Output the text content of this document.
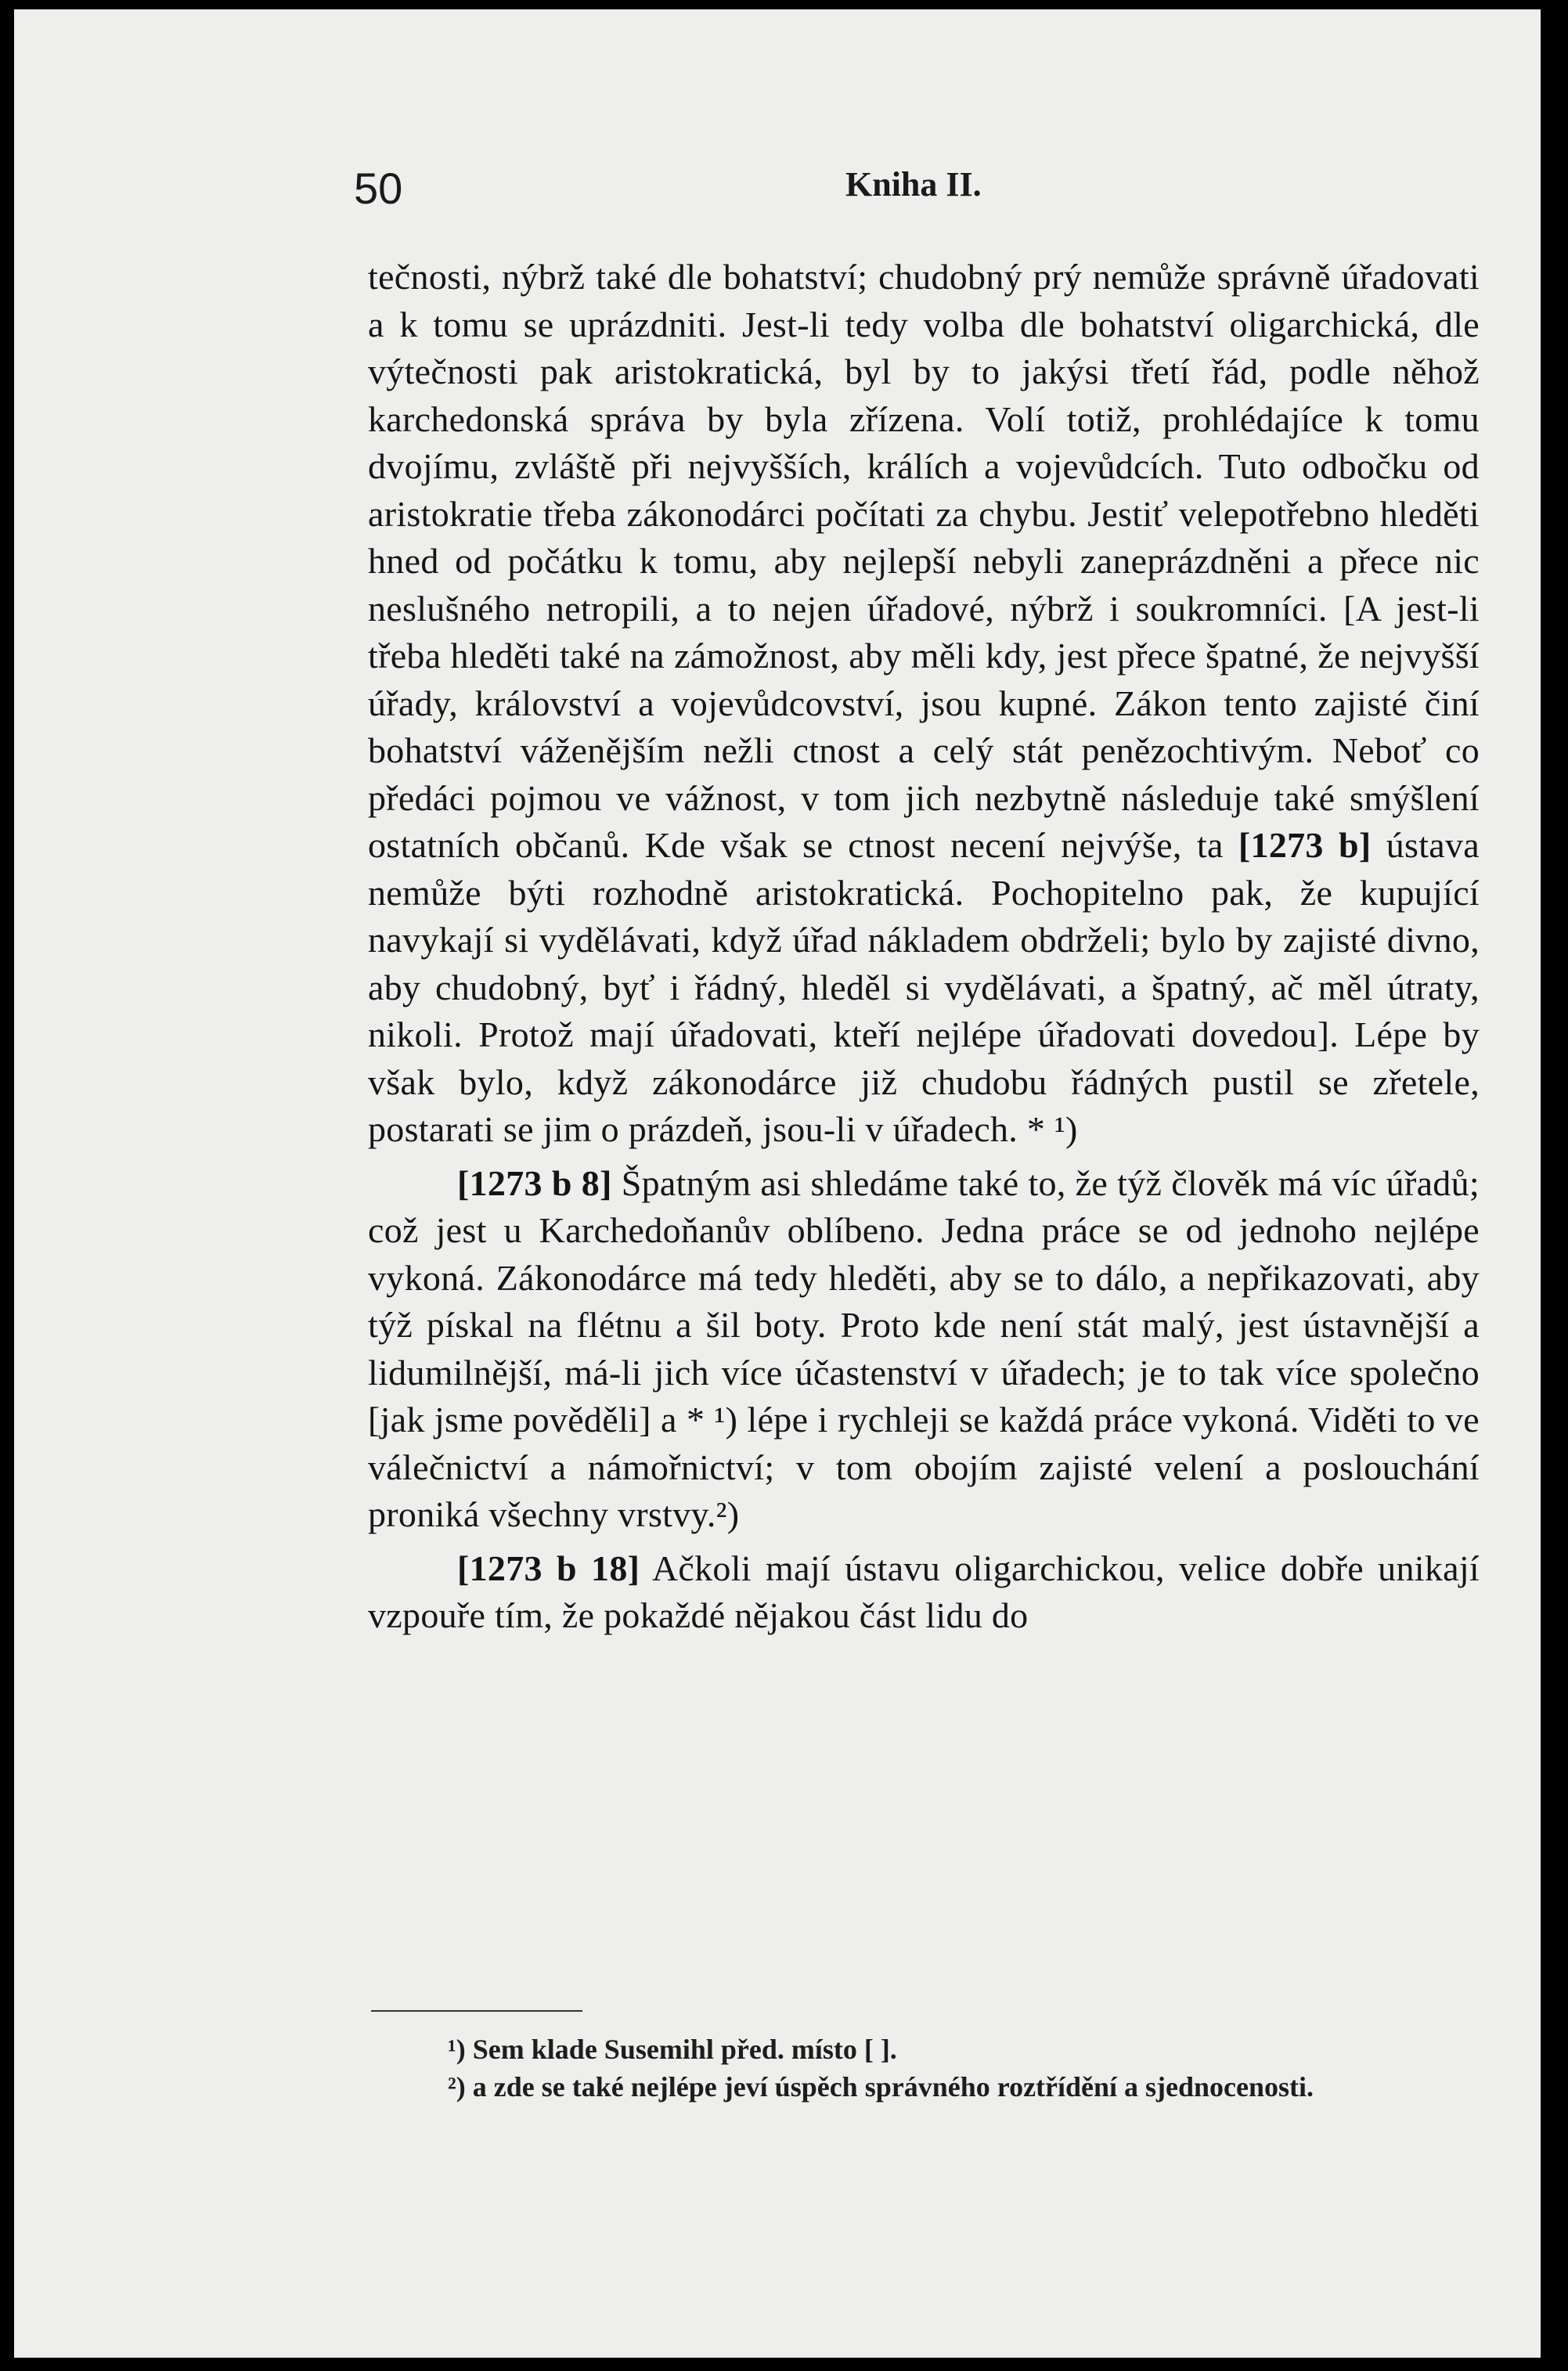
50	Kniha II.

tečnosti, nýbrž také dle bohatství; chudobný prý nemůže správně úřadovati a k tomu se uprázdniti. Jest-li tedy volba dle bohatství oligarchická, dle výtečnosti pak aristokratická, byl by to jakýsi třetí řád, podle něhož karchedonská správa by byla zřízena. Volí totiž, prohlédajíce k tomu dvojímu, zvláště při nejvyšších, králích a vojevůdcích. Tuto odbočku od aristokratie třeba zákonodárci počítati za chybu. Jestiť velepotřebno hleděti hned od počátku k tomu, aby nejlepší nebyli zaneprázdněni a přece nic neslušného netropili, a to nejen úřadové, nýbrž i soukromníci. [A jest-li třeba hleděti také na zámožnost, aby měli kdy, jest přece špatné, že nejvyšší úřady, království a vojevůdcovství, jsou kupné. Zákon tento zajisté činí bohatství váženějším nežli ctnost a celý stát penězochtivým. Neboť co předáci pojmou ve vážnost, v tom jich nezbytně následuje také smýšlení ostatních občanů. Kde však se ctnost necení nejvýše, ta [1273 b] ústava nemůže býti rozhodně aristokratická. Pochopitelno pak, že kupující navykají si vydělávati, když úřad nákladem obdrželi; bylo by zajisté divno, aby chudobný, byť i řádný, hleděl si vydělávati, a špatný, ač měl útraty, nikoli. Protož mají úřadovati, kteří nejlépe úřadovati dovedou]. Lépe by však bylo, když zákonodárce již chudobu řádných pustil se zřetele, postarati se jim o prázdeň, jsou-li v úřadech. * ¹)

[1273 b 8] Špatným asi shledáme také to, že týž člověk má víc úřadů; což jest u Karchedoňanův oblíbeno. Jedna práce se od jednoho nejlépe vykoná. Zákonodárce má tedy hleděti, aby se to dálo, a nepřikazovati, aby týž pískal na flétnu a šil boty. Proto kde není stát malý, jest ústavnější a lidumilnější, má-li jich více účastenství v úřadech; je to tak více společno [jak jsme pověděli] a * ¹) lépe i rychleji se každá práce vykoná. Viděti to ve válečnictví a námořnictví; v tom obojím zajisté velení a poslouchání proniká všechny vrstvy.²)

[1273 b 18] Ačkoli mají ústavu oligarchickou, velice dobře unikají vzpouře tím, že pokaždé nějakou část lidu do

¹) Sem klade Susemihl před. místo [ ].

²) a zde se také nejlépe jeví úspěch správného roztřídění a sjednocenosti.
